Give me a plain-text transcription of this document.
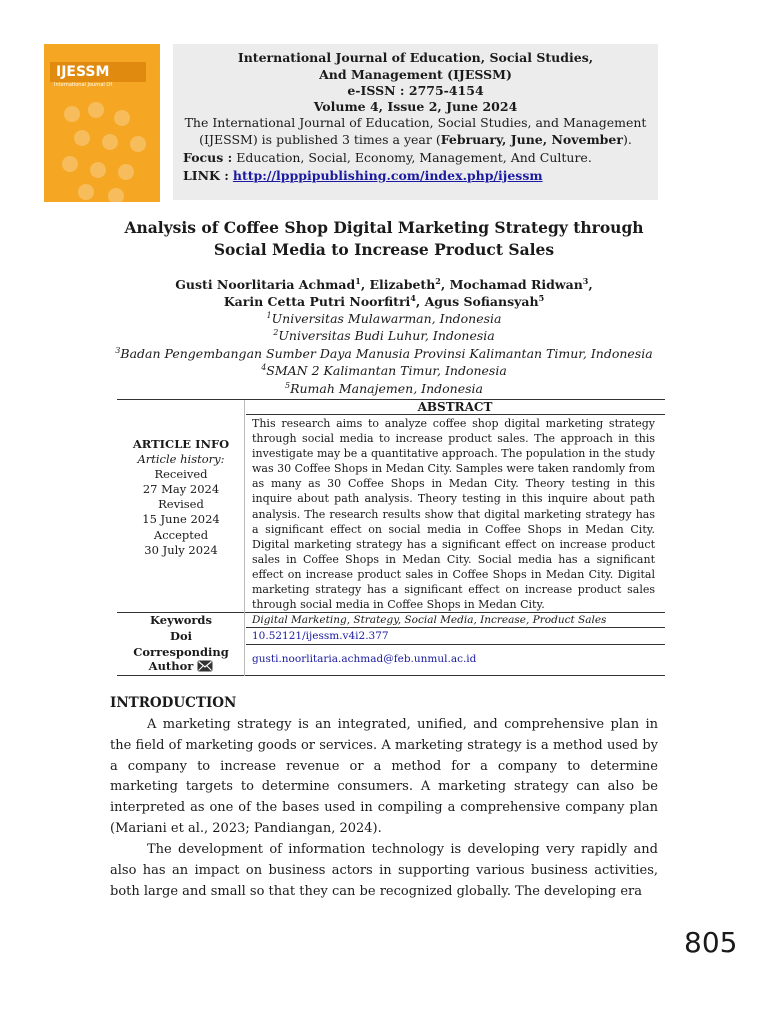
IJESSM
International Journal Of
International Journal of Education, Social Studies,
And Management (IJESSM)
e-ISSN : 2775-4154
Volume 4, Issue 2, June 2024
The International Journal of Education, Social Studies, and Management
(IJESSM) is published 3 times a year (February, June, November).
Focus : Education, Social, Economy, Management, And Culture.
LINK : http://lpppipublishing.com/index.php/ijessm
Analysis of Coffee Shop Digital Marketing Strategy through
Social Media to Increase Product Sales
Gusti Noorlitaria Achmad$^1$, Elizabeth$^2$, Mochamad Ridwan$^3$,
Karin Cetta Putri Noorfitri$^4$, Agus Sofiansyah$^5$
$^1$Universitas Mulawarman, Indonesia
$^2$Universitas Budi Luhur, Indonesia
$^3$Badan Pengembangan Sumber Daya Manusia Provinsi Kalimantan Timur, Indonesia
$^4$SMAN 2 Kalimantan Timur, Indonesia
$^5$Rumah Manajemen, Indonesia
ABSTRACT
This research aims to analyze coffee shop digital marketing strategy through social media to increase product sales. The approach in this investigate may be a quantitative approach. The population in the study was 30 Coffee Shops in Medan City. Samples were taken randomly from as many as 30 Coffee Shops in Medan City. Theory testing in this inquire about path analysis. Theory testing in this inquire about path analysis. The research results show that digital marketing strategy has a significant effect on social media in Coffee Shops in Medan City. Digital marketing strategy has a significant effect on increase product sales in Coffee Shops in Medan City. Social media has a significant effect on increase product sales in Coffee Shops in Medan City. Digital marketing strategy has a significant effect on increase product sales through social media in Coffee Shops in Medan City.
ARTICLE INFO
Article history:
Received
27 May 2024
Revised
15 June 2024
Accepted
30 July 2024
Keywords	Digital Marketing, Strategy, Social Media, Increase, Product Sales
Doi	10.52121/ijessm.v4i2.377
Corresponding
Author	gusti.noorlitaria.achmad@feb.unmul.ac.id
INTRODUCTION
A marketing strategy is an integrated, unified, and comprehensive plan in the field of marketing goods or services. A marketing strategy is a method used by a company to increase revenue or a method for a company to determine marketing targets to determine consumers. A marketing strategy can also be interpreted as one of the bases used in compiling a comprehensive company plan (Mariani et al., 2023; Pandiangan, 2024).
The development of information technology is developing very rapidly and also has an impact on business actors in supporting various business activities, both large and small so that they can be recognized globally. The developing era
805
